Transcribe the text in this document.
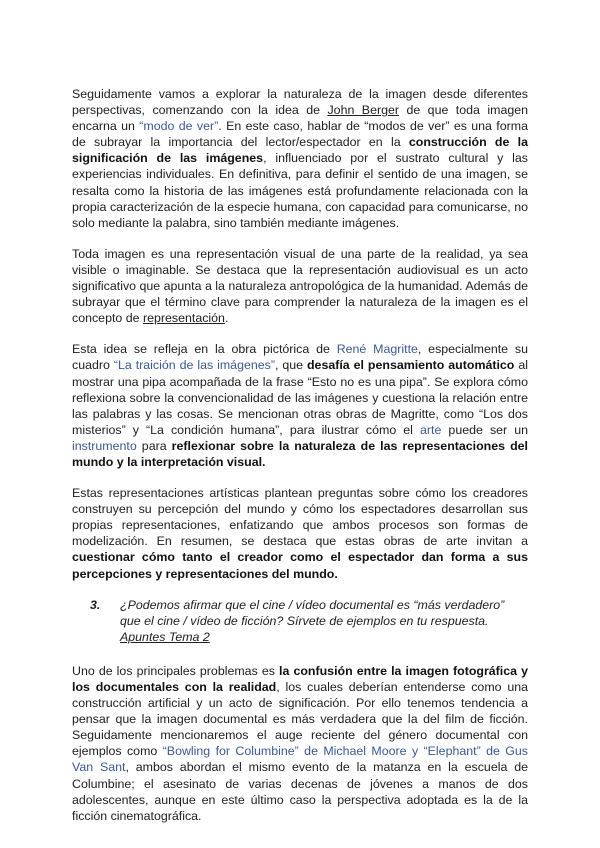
Seguidamente vamos a explorar la naturaleza de la imagen desde diferentes perspectivas, comenzando con la idea de John Berger de que toda imagen encarna un “modo de ver”. En este caso, hablar de “modos de ver” es una forma de subrayar la importancia del lector/espectador en la construcción de la significación de las imágenes, influenciado por el sustrato cultural y las experiencias individuales. En definitiva, para definir el sentido de una imagen, se resalta como la historia de las imágenes está profundamente relacionada con la propia caracterización de la especie humana, con capacidad para comunicarse, no solo mediante la palabra, sino también mediante imágenes.

Toda imagen es una representación visual de una parte de la realidad, ya sea visible o imaginable. Se destaca que la representación audiovisual es un acto significativo que apunta a la naturaleza antropológica de la humanidad. Además de subrayar que el término clave para comprender la naturaleza de la imagen es el concepto de representación.

Esta idea se refleja en la obra pictórica de René Magritte, especialmente su cuadro “La traición de las imágenes”, que desafía el pensamiento automático al mostrar una pipa acompañada de la frase “Esto no es una pipa”. Se explora cómo reflexiona sobre la convencionalidad de las imágenes y cuestiona la relación entre las palabras y las cosas. Se mencionan otras obras de Magritte, como “Los dos misterios” y “La condición humana”, para ilustrar cómo el arte puede ser un instrumento para reflexionar sobre la naturaleza de las representaciones del mundo y la interpretación visual.

Estas representaciones artísticas plantean preguntas sobre cómo los creadores construyen su percepción del mundo y cómo los espectadores desarrollan sus propias representaciones, enfatizando que ambos procesos son formas de modelización. En resumen, se destaca que estas obras de arte invitan a cuestionar cómo tanto el creador como el espectador dan forma a sus percepciones y representaciones del mundo.

3. ¿Podemos afirmar que el cine / vídeo documental es “más verdadero” que el cine / vídeo de ficción? Sírvete de ejemplos en tu respuesta. Apuntes Tema 2

Uno de los principales problemas es la confusión entre la imagen fotográfica y los documentales con la realidad, los cuales deberían entenderse como una construcción artificial y un acto de significación. Por ello tenemos tendencia a pensar que la imagen documental es más verdadera que la del film de ficción. Seguidamente mencionaremos el auge reciente del género documental con ejemplos como “Bowling for Columbine” de Michael Moore y “Elephant” de Gus Van Sant, ambos abordan el mismo evento de la matanza en la escuela de Columbine; el asesinato de varias decenas de jóvenes a manos de dos adolescentes, aunque en este último caso la perspectiva adoptada es la de la ficción cinematográfica.
